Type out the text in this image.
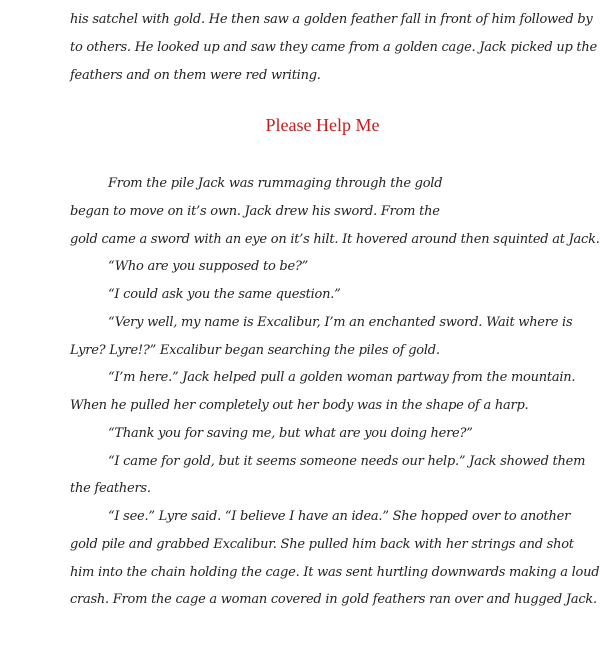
his satchel with gold. He then saw a golden feather fall in front of him followed by
to others. He looked up and saw they came from a golden cage. Jack picked up the
feathers and on them were red writing.
Please Help Me
From the pile Jack was rummaging through the gold
began to move on it’s own. Jack drew his sword. From the
gold came a sword with an eye on it’s hilt. It hovered around then squinted at Jack.
“Who are you supposed to be?”
“I could ask you the same question.”
“Very well, my name is Excalibur, I’m an enchanted sword. Wait where is
Lyre? Lyre!?” Excalibur began searching the piles of gold.
“I’m here.” Jack helped pull a golden woman partway from the mountain.
When he pulled her completely out her body was in the shape of a harp.
“Thank you for saving me, but what are you doing here?”
“I came for gold, but it seems someone needs our help.” Jack showed them
the feathers.
“I see.” Lyre said. “I believe I have an idea.” She hopped over to another
gold pile and grabbed Excalibur. She pulled him back with her strings and shot
him into the chain holding the cage. It was sent hurtling downwards making a loud
crash. From the cage a woman covered in gold feathers ran over and hugged Jack.
